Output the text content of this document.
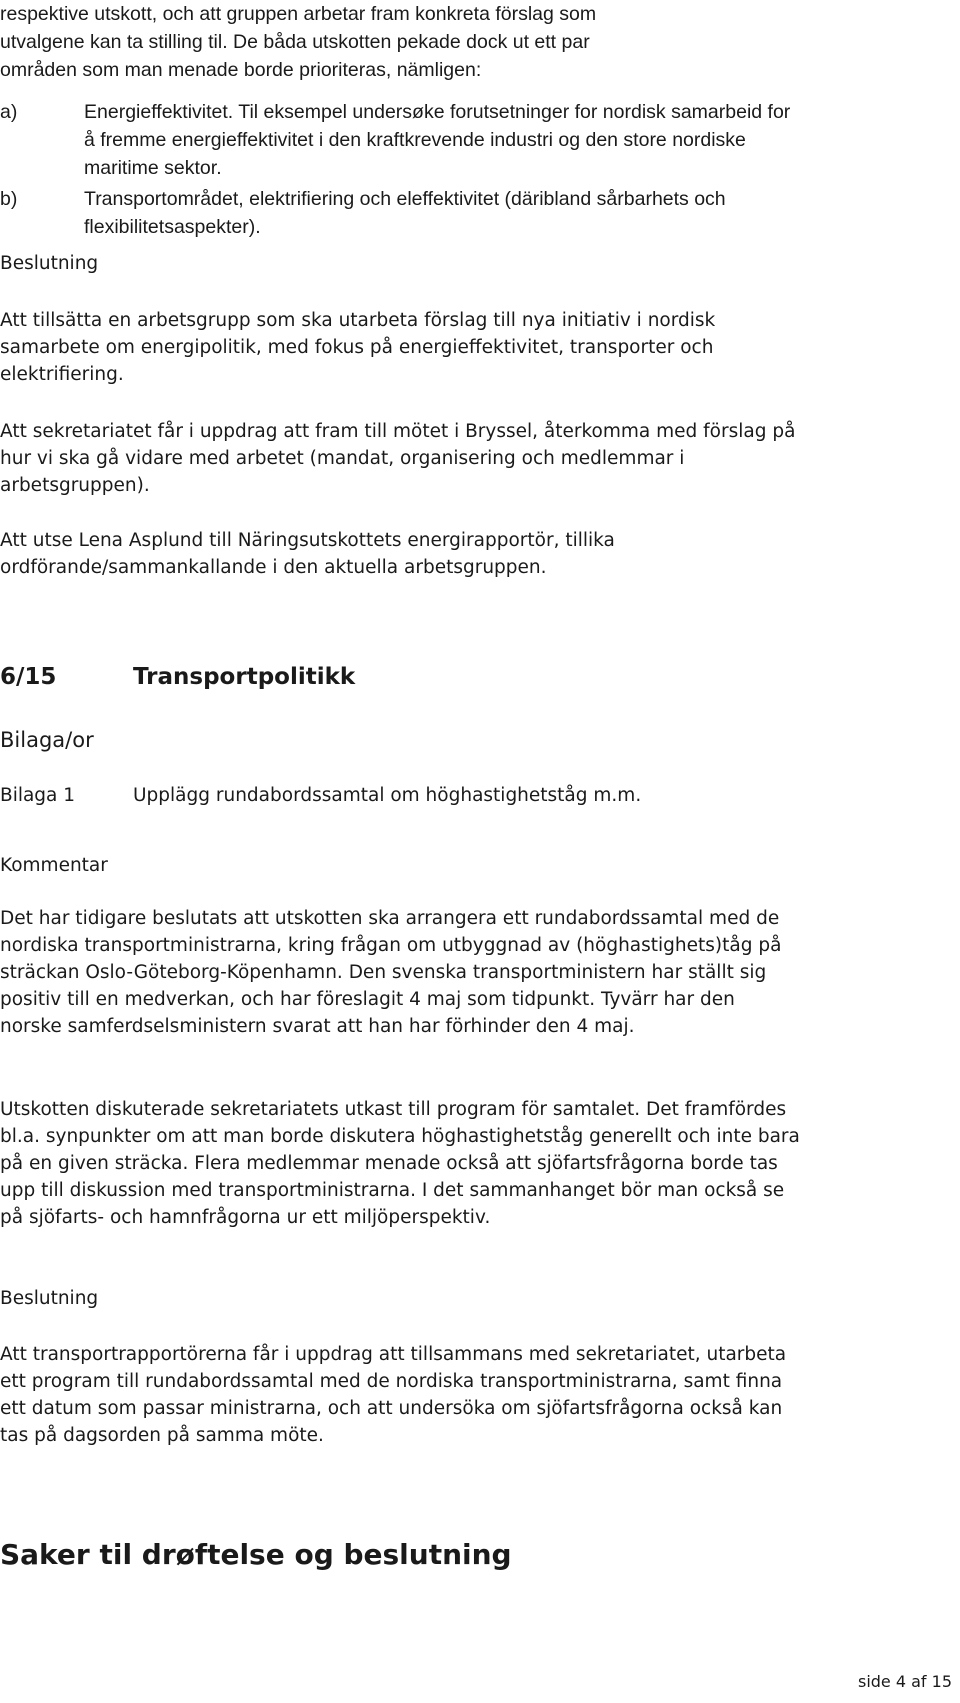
respektive utskott, och att gruppen arbetar fram konkreta förslag som
utvalgene kan ta stilling til. De båda utskotten pekade dock ut ett par
områden som man menade borde prioriteras, nämligen:
a)	Energieffektivitet. Til eksempel undersøke forutsetninger for nordisk samarbeid for å fremme energieffektivitet i den kraftkrevende industri og den store nordiske maritime sektor.
b)	Transportområdet, elektrifiering och eleffektivitet (däribland sårbarhets och flexibilitetsaspekter).
Beslutning

Att tillsätta en arbetsgrupp som ska utarbeta förslag till nya initiativ i nordisk samarbete om energipolitik, med fokus på energieffektivitet, transporter och elektrifiering.

Att sekretariatet får i uppdrag att fram till mötet i Bryssel, återkomma med förslag på hur vi ska gå vidare med arbetet (mandat, organisering och medlemmar i arbetsgruppen).

Att utse Lena Asplund till Näringsutskottets energirapportör, tillika ordförande/sammankallande i den aktuella arbetsgruppen.

6/15	Transportpolitikk
Bilaga/or
Bilaga 1	Upplägg rundabordssamtal om höghastighetståg m.m.
Kommentar

Det har tidigare beslutats att utskotten ska arrangera ett rundabordssamtal med de nordiska transportministrarna, kring frågan om utbyggnad av (höghastighets)tåg på sträckan Oslo-Göteborg-Köpenhamn. Den svenska transportministern har ställt sig positiv till en medverkan, och har föreslagit 4 maj som tidpunkt. Tyvärr har den norske samferdselsministern svarat att han har förhinder den 4 maj.

Utskotten diskuterade sekretariatets utkast till program för samtalet. Det framfördes bl.a. synpunkter om att man borde diskutera höghastighetståg generellt och inte bara på en given sträcka. Flera medlemmar menade också att sjöfartsfrågorna borde tas upp till diskussion med transportministrarna. I det sammanhanget bör man också se på sjöfarts- och hamnfrågorna ur ett miljöperspektiv.

Beslutning

Att transportrapportörerna får i uppdrag att tillsammans med sekretariatet, utarbeta ett program till rundabordssamtal med de nordiska transportministrarna, samt finna ett datum som passar ministrarna, och att undersöka om sjöfartsfrågorna också kan tas på dagsorden på samma möte.

Saker til drøftelse og beslutning
side 4 af 15
